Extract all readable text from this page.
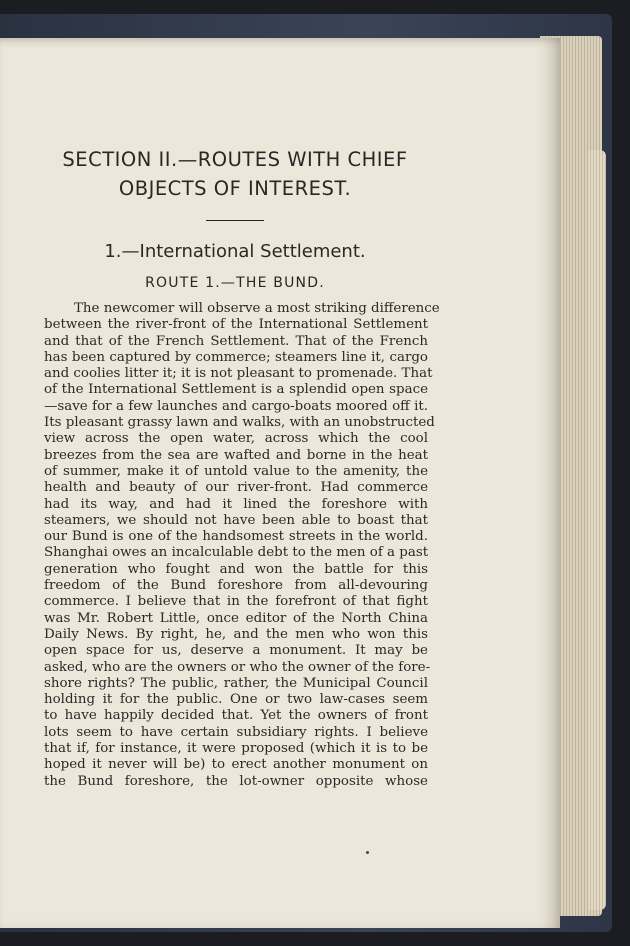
SECTION II.—ROUTES WITH CHIEF
OBJECTS OF INTEREST.
1.—International Settlement.
ROUTE 1.—THE BUND.
The newcomer will observe a most striking difference
between the river-front of the International Settlement
and that of the French Settlement. That of the French
has been captured by commerce; steamers line it, cargo
and coolies litter it; it is not pleasant to promenade. That
of the International Settlement is a splendid open space
—save for a few launches and cargo-boats moored off it.
Its pleasant grassy lawn and walks, with an unobstructed
view across the open water, across which the cool
breezes from the sea are wafted and borne in the heat
of summer, make it of untold value to the amenity, the
health and beauty of our river-front. Had commerce
had its way, and had it lined the foreshore with
steamers, we should not have been able to boast that
our Bund is one of the handsomest streets in the world.
Shanghai owes an incalculable debt to the men of a past
generation who fought and won the battle for this
freedom of the Bund foreshore from all-devouring
commerce. I believe that in the forefront of that fight
was Mr. Robert Little, once editor of the North China
Daily News. By right, he, and the men who won this
open space for us, deserve a monument. It may be
asked, who are the owners or who the owner of the fore-
shore rights? The public, rather, the Municipal Council
holding it for the public. One or two law-cases seem
to have happily decided that. Yet the owners of front
lots seem to have certain subsidiary rights. I believe
that if, for instance, it were proposed (which it is to be
hoped it never will be) to erect another monument on
the Bund foreshore, the lot-owner opposite whose
